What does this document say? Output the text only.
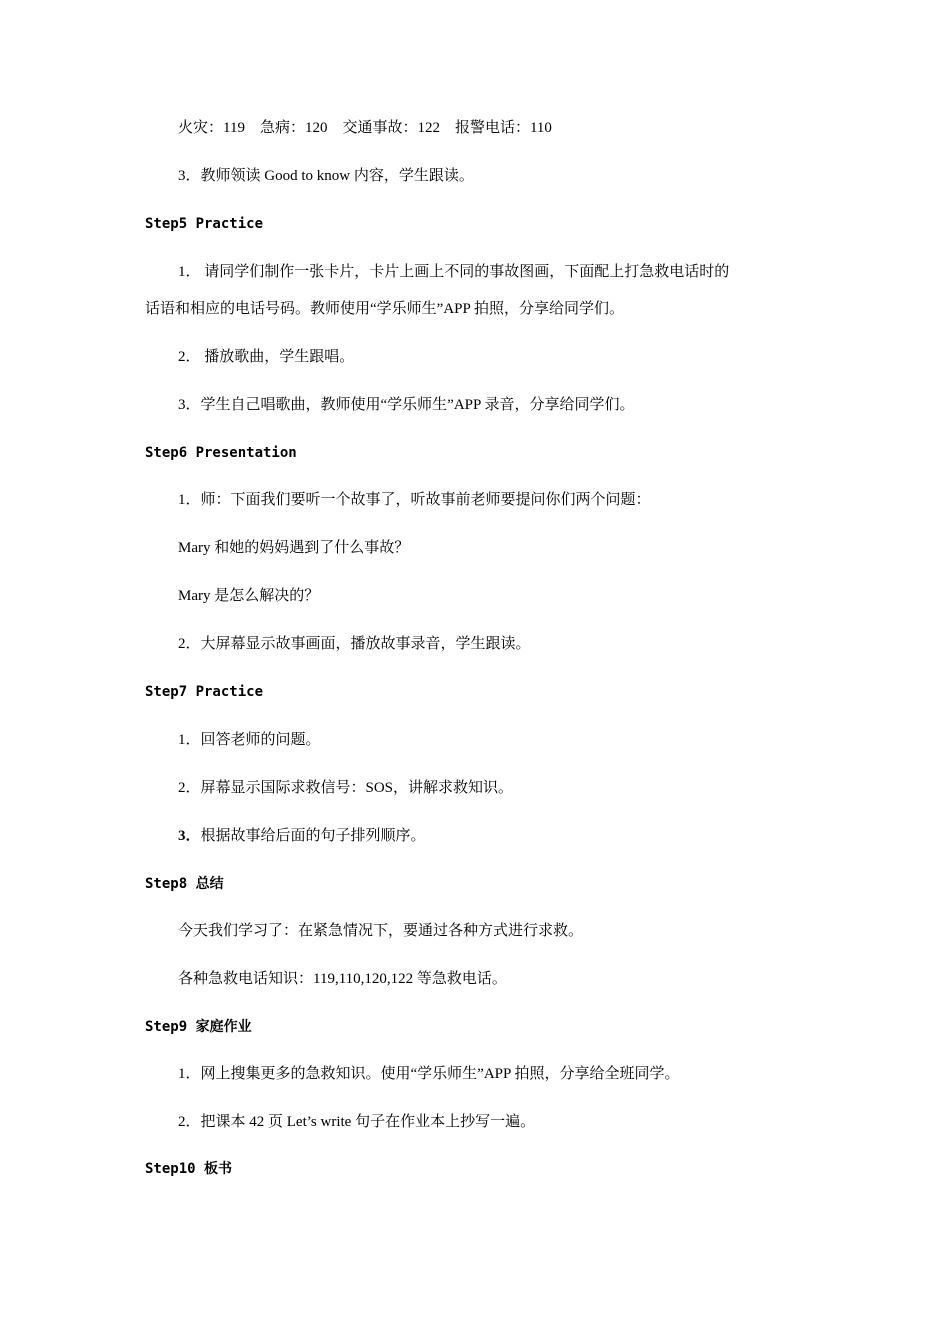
火灾：119　急病：120　交通事故：122　报警电话：110
3．教师领读 Good to know 内容，学生跟读。
Step5 Practice
1． 请同学们制作一张卡片，卡片上画上不同的事故图画，下面配上打急救电话时的
话语和相应的电话号码。教师使用“学乐师生”APP 拍照，分享给同学们。
2． 播放歌曲，学生跟唱。
3．学生自己唱歌曲，教师使用“学乐师生”APP 录音，分享给同学们。
Step6 Presentation
1．师：下面我们要听一个故事了，听故事前老师要提问你们两个问题：
Mary 和她的妈妈遇到了什么事故？
Mary 是怎么解决的？
2．大屏幕显示故事画面，播放故事录音，学生跟读。
Step7 Practice
1．回答老师的问题。
2．屏幕显示国际求救信号：SOS，讲解求救知识。
3．根据故事给后面的句子排列顺序。
Step8 总结
今天我们学习了：在紧急情况下，要通过各种方式进行求救。
各种急救电话知识：119,110,120,122 等急救电话。
Step9 家庭作业
1．网上搜集更多的急救知识。使用“学乐师生”APP 拍照，分享给全班同学。
2．把课本 42 页 Let’s write 句子在作业本上抄写一遍。
Step10 板书
